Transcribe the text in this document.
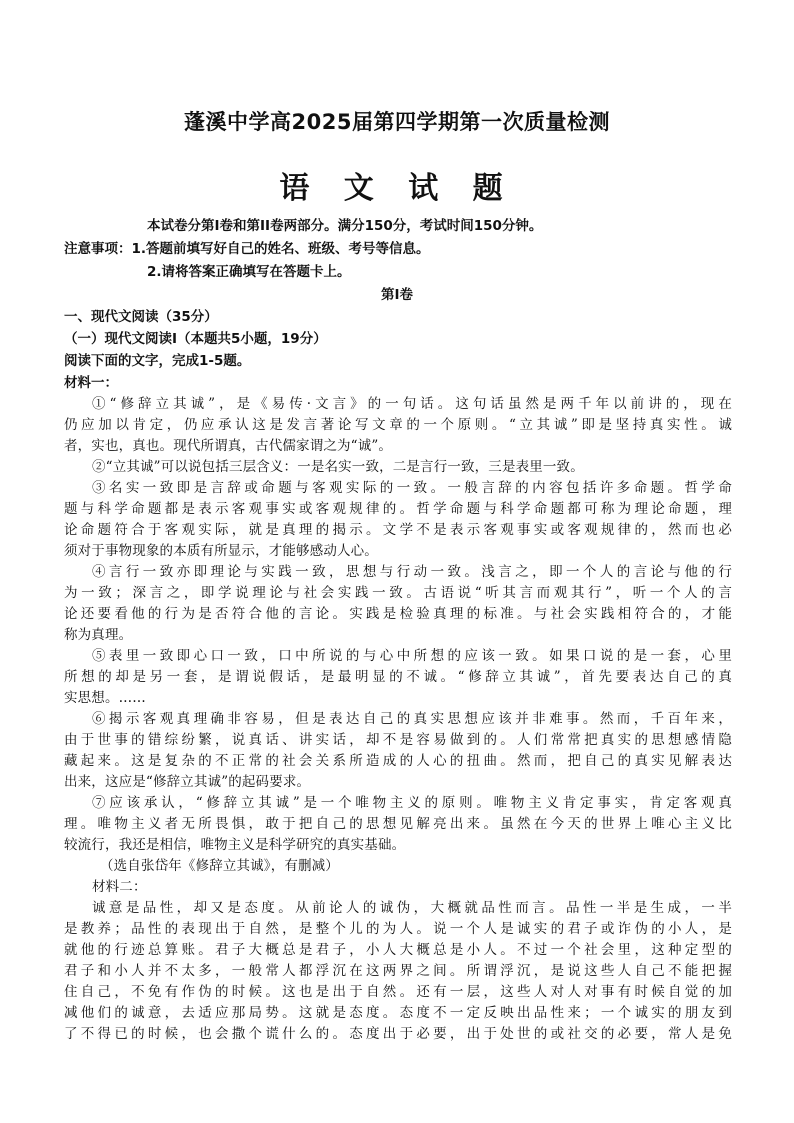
蓬溪中学高2025届第四学期第一次质量检测
语 文 试 题
本试卷分第I卷和第II卷两部分。满分150分，考试时间150分钟。
注意事项：1.答题前填写好自己的姓名、班级、考号等信息。
2.请将答案正确填写在答题卡上。
第I卷
一、现代文阅读（35分）
（一）现代文阅读I（本题共5小题，19分）
阅读下面的文字，完成1-5题。
材料一：
①“修辞立其诚”，是《易传·文言》的一句话。这句话虽然是两千年以前讲的，现在
仍应加以肯定，仍应承认这是发言著论写文章的一个原则。“立其诚”即是坚持真实性。诚
者，实也，真也。现代所谓真，古代儒家谓之为“诚”。
②“立其诚”可以说包括三层含义：一是名实一致，二是言行一致，三是表里一致。
③名实一致即是言辞或命题与客观实际的一致。一般言辞的内容包括许多命题。哲学命
题与科学命题都是表示客观事实或客观规律的。哲学命题与科学命题都可称为理论命题，理
论命题符合于客观实际，就是真理的揭示。文学不是表示客观事实或客观规律的，然而也必
须对于事物现象的本质有所显示，才能够感动人心。
④言行一致亦即理论与实践一致，思想与行动一致。浅言之，即一个人的言论与他的行
为一致；深言之，即学说理论与社会实践一致。古语说“听其言而观其行”，听一个人的言
论还要看他的行为是否符合他的言论。实践是检验真理的标准。与社会实践相符合的，才能
称为真理。
⑤表里一致即心口一致，口中所说的与心中所想的应该一致。如果口说的是一套，心里
所想的却是另一套，是谓说假话，是最明显的不诚。“修辞立其诚”，首先要表达自己的真
实思想。……
⑥揭示客观真理确非容易，但是表达自己的真实思想应该并非难事。然而，千百年来，
由于世事的错综纷繁，说真话、讲实话，却不是容易做到的。人们常常把真实的思想感情隐
藏起来。这是复杂的不正常的社会关系所造成的人心的扭曲。然而，把自己的真实见解表达
出来，这应是“修辞立其诚”的起码要求。
⑦应该承认，“修辞立其诚”是一个唯物主义的原则。唯物主义肯定事实，肯定客观真
理。唯物主义者无所畏惧，敢于把自己的思想见解亮出来。虽然在今天的世界上唯心主义比
较流行，我还是相信，唯物主义是科学研究的真实基础。
（选自张岱年《修辞立其诚》，有删减）
材料二：
诚意是品性，却又是态度。从前论人的诚伪，大概就品性而言。品性一半是生成，一半
是教养；品性的表现出于自然，是整个儿的为人。说一个人是诚实的君子或诈伪的小人，是
就他的行迹总算账。君子大概总是君子，小人大概总是小人。不过一个社会里，这种定型的
君子和小人并不太多，一般常人都浮沉在这两界之间。所谓浮沉，是说这些人自己不能把握
住自己，不免有作伪的时候。这也是出于自然。还有一层，这些人对人对事有时候自觉的加
减他们的诚意，去适应那局势。这就是态度。态度不一定反映出品性来；一个诚实的朋友到
了不得已的时候，也会撒个谎什么的。态度出于必要，出于处世的或社交的必要，常人是免
